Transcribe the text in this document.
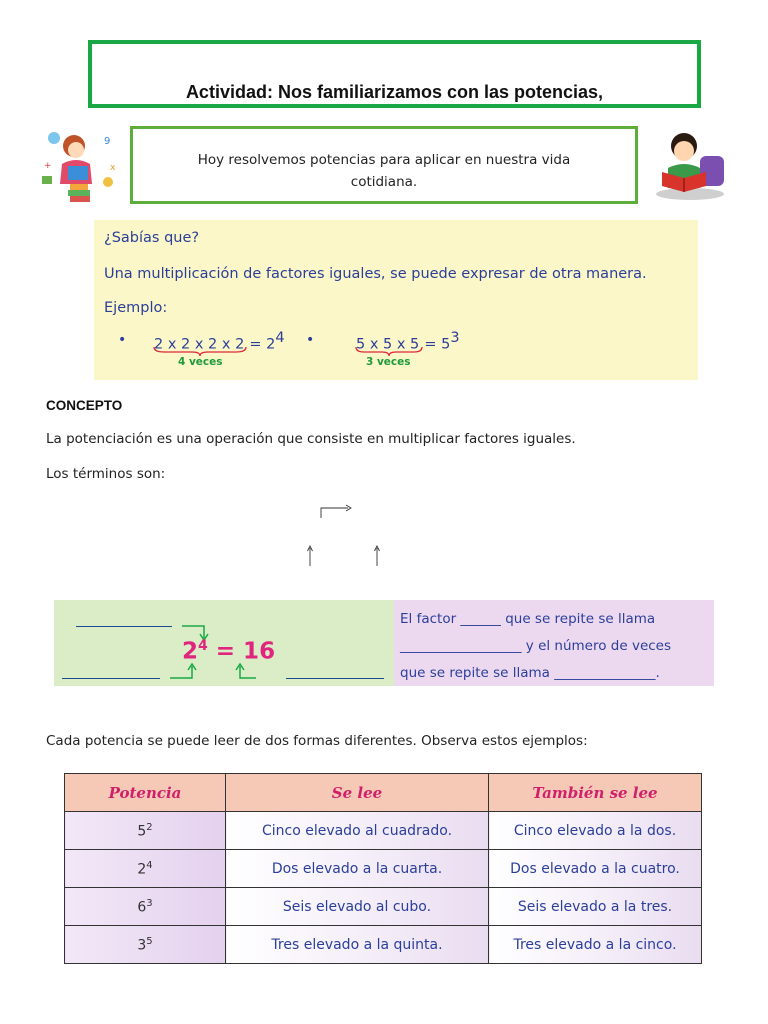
Actividad: Nos familiarizamos con las potencias,
+
9
x	Hoy resolvemos potencias para aplicar en nuestra vida cotidiana.
¿Sabías que?
Una multiplicación de factores iguales, se puede expresar de otra manera.
Ejemplo:
• 2 x 2 x 2 x $2 = 2^4$
4 veces
•	5 x 5 x $5 = 5^3$
3 veces
CONCEPTO
La potenciación es una operación que consiste en multiplicar factores iguales.
Los términos son:
$2^4 = 16$
El factor ______ que se repite se llama
__________________ y el número de veces
que se repite se llama _______________.
Cada potencia se puede leer de dos formas diferentes. Observa estos ejemplos:
Potencia	Se lee	También se lee
$5^2$	Cinco elevado al cuadrado.	Cinco elevado a la dos.
$2^4$	Dos elevado a la cuarta.	Dos elevado a la cuatro.
$6^3$	Seis elevado al cubo.	Seis elevado a la tres.
$3^5$	Tres elevado a la quinta.	Tres elevado a la cinco.
